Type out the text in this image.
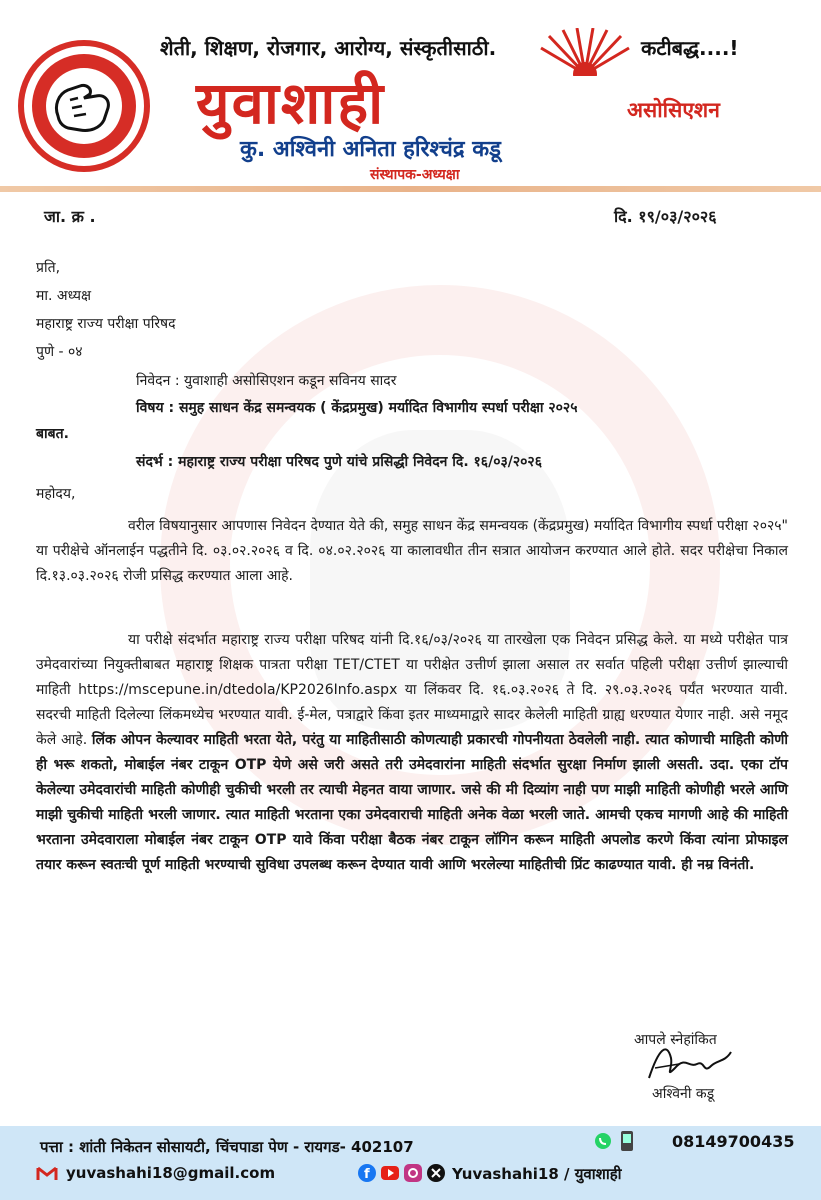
शेती, शिक्षण, रोजगार, आरोग्य, संस्कृतीसाठी.	कटीबद्ध....!
युवाशाही	असोसिएशन
कु. अश्विनी अनिता हरिश्चंद्र कडू
संस्थापक-अध्यक्षा
जा. क्र .	दि. १९/०३/२०२६
प्रति,
मा. अध्यक्ष
महाराष्ट्र राज्य परीक्षा परिषद
पुणे - ०४
निवेदन : युवाशाही असोसिएशन कडून सविनय सादर
विषय : समुह साधन केंद्र समन्वयक ( केंद्रप्रमुख) मर्यादित विभागीय स्पर्धा परीक्षा २०२५
बाबत.
संदर्भ : महाराष्ट्र राज्य परीक्षा परिषद पुणे यांचे प्रसिद्धी निवेदन दि. १६/०३/२०२६
महोदय,
वरील विषयानुसार आपणास निवेदन देण्यात येते की, समुह साधन केंद्र समन्वयक (केंद्रप्रमुख) मर्यादित विभागीय स्पर्धा परीक्षा २०२५" या परीक्षेचे ऑनलाईन पद्धतीने दि. ०३.०२.२०२६ व दि. ०४.०२.२०२६ या कालावधीत तीन सत्रात आयोजन करण्यात आले होते. सदर परीक्षेचा निकाल दि.१३.०३.२०२६ रोजी प्रसिद्ध करण्यात आला आहे.
या परीक्षे संदर्भात महाराष्ट्र राज्य परीक्षा परिषद यांनी दि.१६/०३/२०२६ या तारखेला एक निवेदन प्रसिद्ध केले. या मध्ये परीक्षेत पात्र उमेदवारांच्या नियुक्तीबाबत महाराष्ट्र शिक्षक पात्रता परीक्षा TET/CTET या परीक्षेत उत्तीर्ण झाला असाल तर सर्वात पहिली परीक्षा उत्तीर्ण झाल्याची माहिती https://mscepune.in/dtedola/KP2026Info.aspx या लिंकवर दि. १६.०३.२०२६ ते दि. २९.०३.२०२६ पर्यंत भरण्यात यावी. सदरची माहिती दिलेल्या लिंकमध्येच भरण्यात यावी. ई-मेल, पत्राद्वारे किंवा इतर माध्यमाद्वारे सादर केलेली माहिती ग्राह्य धरण्यात येणार नाही. असे नमूद केले आहे. लिंक ओपन केल्यावर माहिती भरता येते, परंतु या माहितीसाठी कोणत्याही प्रकारची गोपनीयता ठेवलेली नाही. त्यात कोणाची माहिती कोणी ही भरू शकतो, मोबाईल नंबर टाकून OTP येणे असे जरी असते तरी उमेदवारांना माहिती संदर्भात सुरक्षा निर्माण झाली असती. उदा. एका टॉप केलेल्या उमेदवारांची माहिती कोणीही चुकीची भरली तर त्याची मेहनत वाया जाणार. जसे की मी दिव्यांग नाही पण माझी माहिती कोणीही भरले आणि माझी चुकीची माहिती भरली जाणार. त्यात माहिती भरताना एका उमेदवाराची माहिती अनेक वेळा भरली जाते. आमची एकच मागणी आहे की माहिती भरताना उमेदवाराला मोबाईल नंबर टाकून OTP यावे किंवा परीक्षा बैठक नंबर टाकून लॉगिन करून माहिती अपलोड करणे किंवा त्यांना प्रोफाइल तयार करून स्वतःची पूर्ण माहिती भरण्याची सुविधा उपलब्ध करून देण्यात यावी आणि भरलेल्या माहितीची प्रिंट काढण्यात यावी. ही नम्र विनंती.
आपले स्नेहांकित
अश्विनी कडू
पत्ता : शांती निकेतन सोसायटी, चिंचपाडा पेण - रायगड- 402107	08149700435
yuvashahi18@gmail.com	f	Yuvashahi18 / युवाशाही
